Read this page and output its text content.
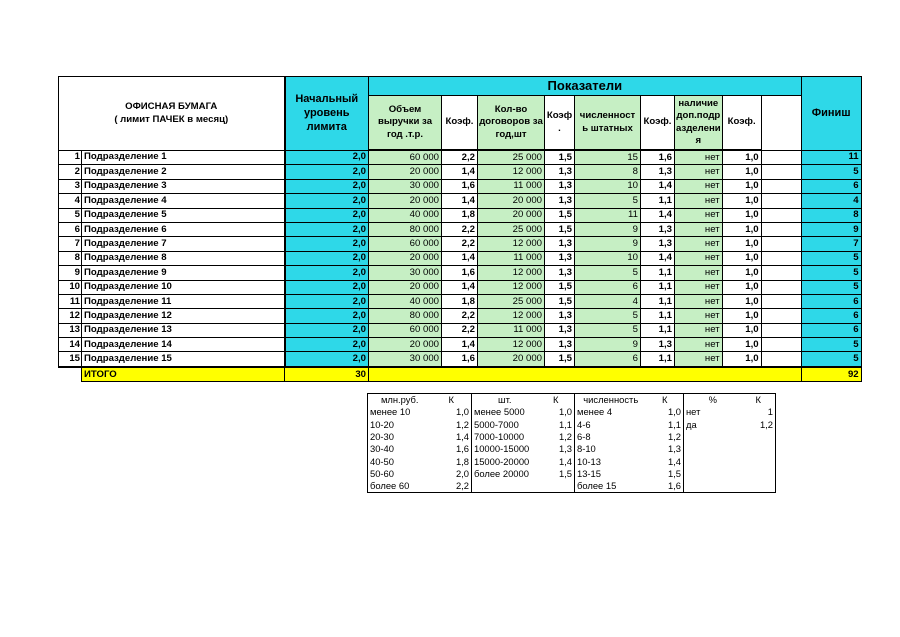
ОФИСНАЯ БУМАГА
( лимит ПАЧЕК в месяц)		Начальный уровень лимита	Показатели									Финиш
			Объем выручки за год .т.р.	Коэф.	Кол-во договоров за год,шт	Коэф .	численност ь штатных	Коэф.	наличие доп.подр азделени я	Коэф.		
1	Подразделение 1	2,0	60 000	2,2	25 000	1,5	15	1,6	нет	1,0		11
2	Подразделение 2	2,0	20 000	1,4	12 000	1,3	8	1,3	нет	1,0		5
3	Подразделение 3	2,0	30 000	1,6	11 000	1,3	10	1,4	нет	1,0		6
4	Подразделение 4	2,0	20 000	1,4	20 000	1,3	5	1,1	нет	1,0		4
5	Подразделение 5	2,0	40 000	1,8	20 000	1,5	11	1,4	нет	1,0		8
6	Подразделение 6	2,0	80 000	2,2	25 000	1,5	9	1,3	нет	1,0		9
7	Подразделение 7	2,0	60 000	2,2	12 000	1,3	9	1,3	нет	1,0		7
8	Подразделение 8	2,0	20 000	1,4	11 000	1,3	10	1,4	нет	1,0		5
9	Подразделение 9	2,0	30 000	1,6	12 000	1,3	5	1,1	нет	1,0		5
10	Подразделение 10	2,0	20 000	1,4	12 000	1,5	6	1,1	нет	1,0		5
11	Подразделение 11	2,0	40 000	1,8	25 000	1,5	4	1,1	нет	1,0		6
12	Подразделение 12	2,0	80 000	2,2	12 000	1,3	5	1,1	нет	1,0		6
13	Подразделение 13	2,0	60 000	2,2	11 000	1,3	5	1,1	нет	1,0		6
14	Подразделение 14	2,0	20 000	1,4	12 000	1,3	9	1,3	нет	1,0		5
15	Подразделение 15	2,0	30 000	1,6	20 000	1,5	6	1,1	нет	1,0		5
	ИТОГО	30										92
млн.руб.	К	шт.	К	численность	К	%	К
менее 10	1,0	менее 5000	1,0	менее 4	1,0	нет	1
10-20	1,2	5000-7000	1,1	4-6	1,1	да	1,2
20-30	1,4	7000-10000	1,2	6-8	1,2		
30-40	1,6	10000-15000	1,3	8-10	1,3		
40-50	1,8	15000-20000	1,4	10-13	1,4		
50-60	2,0	более 20000	1,5	13-15	1,5		
более 60	2,2			более 15	1,6		
